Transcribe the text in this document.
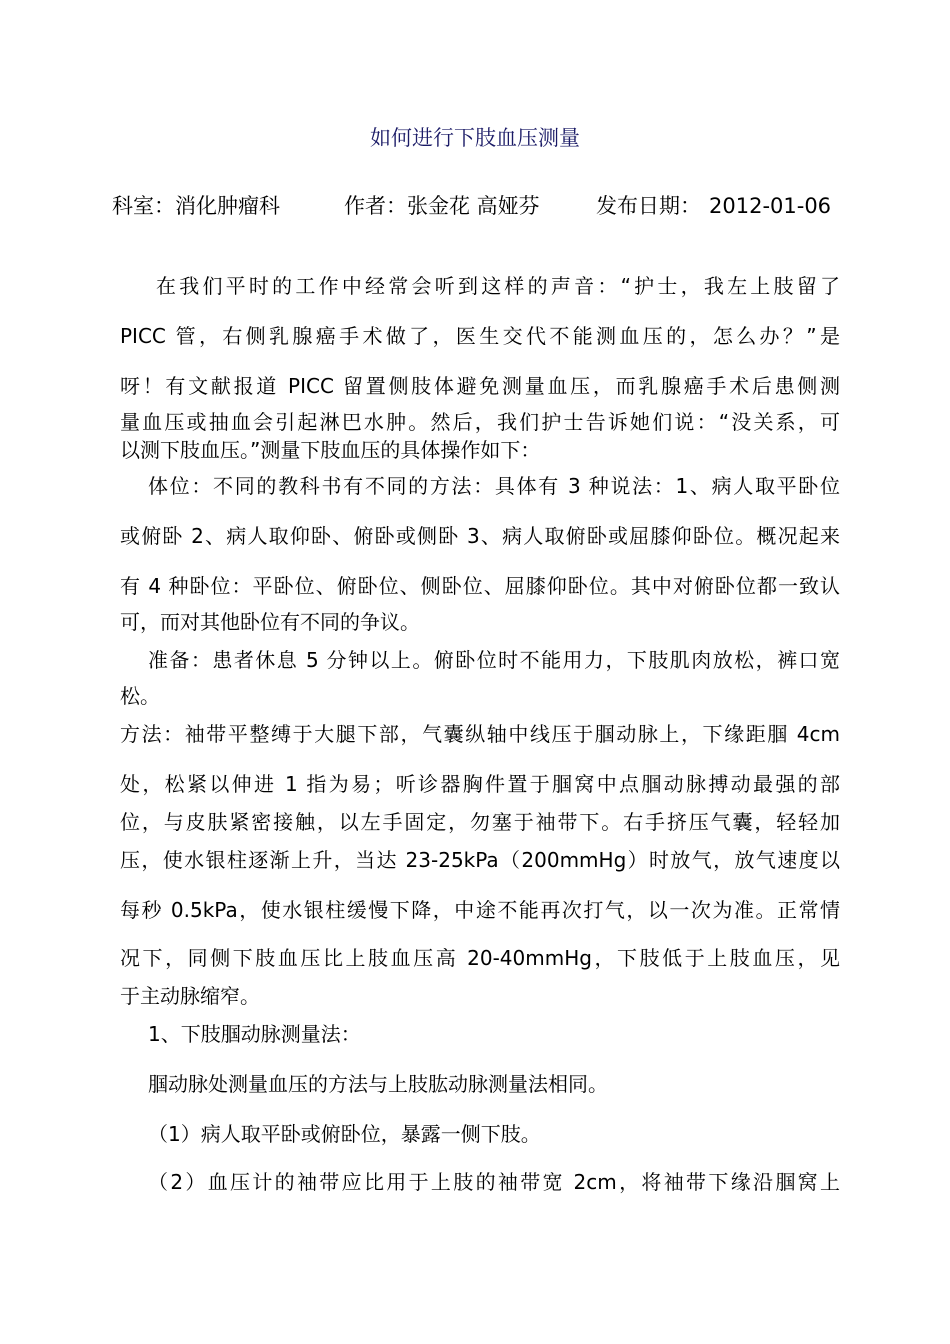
如何进行下肢血压测量
科室：消化肿瘤科	作者：张金花 高娅芬	发布日期： 2012-01-06
在我们平时的工作中经常会听到这样的声音：“护士，我左上肢留了
PICC 管，右侧乳腺癌手术做了，医生交代不能测血压的，怎么办？”是
呀！有文献报道 PICC 留置侧肢体避免测量血压，而乳腺癌手术后患侧测
量血压或抽血会引起淋巴水肿。然后，我们护士告诉她们说：“没关系，可
以测下肢血压。”测量下肢血压的具体操作如下：
体位：不同的教科书有不同的方法：具体有 3 种说法：1、病人取平卧位
或俯卧 2、病人取仰卧、俯卧或侧卧 3、病人取俯卧或屈膝仰卧位。概况起来
有 4 种卧位：平卧位、俯卧位、侧卧位、屈膝仰卧位。其中对俯卧位都一致认
可，而对其他卧位有不同的争议。
准备：患者休息 5 分钟以上。俯卧位时不能用力，下肢肌肉放松，裤口宽
松。
方法：袖带平整缚于大腿下部，气囊纵轴中线压于腘动脉上，下缘距腘 4cm
处，松紧以伸进 1 指为易；听诊器胸件置于腘窝中点腘动脉搏动最强的部
位，与皮肤紧密接触，以左手固定，勿塞于袖带下。右手挤压气囊，轻轻加
压，使水银柱逐渐上升，当达 23-25kPa（200mmHg）时放气，放气速度以
每秒 0.5kPa，使水银柱缓慢下降，中途不能再次打气，以一次为准。正常情
况下，同侧下肢血压比上肢血压高 20-40mmHg，下肢低于上肢血压，见
于主动脉缩窄。
1、下肢腘动脉测量法：
腘动脉处测量血压的方法与上肢肱动脉测量法相同。
（1）病人取平卧或俯卧位，暴露一侧下肢。
（2）血压计的袖带应比用于上肢的袖带宽 2cm，将袖带下缘沿腘窝上
